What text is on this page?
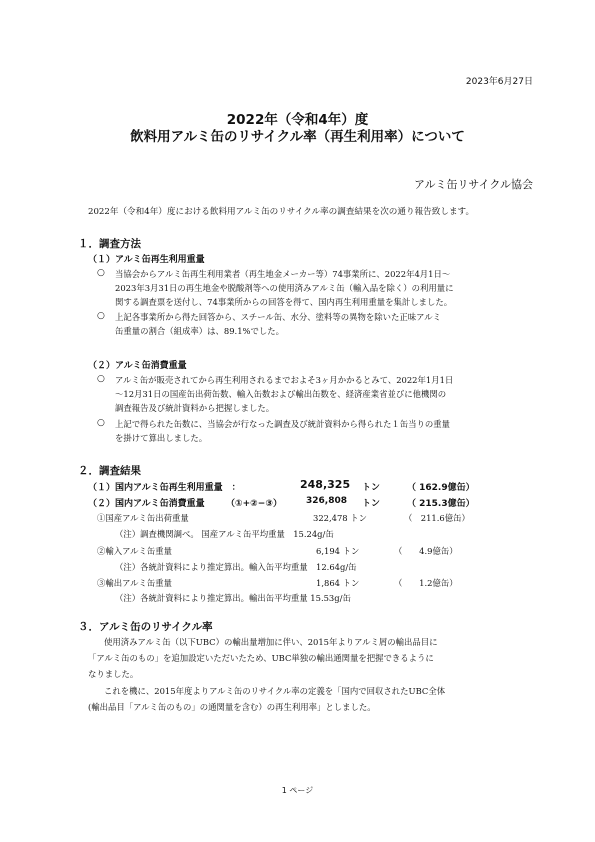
2023年6月27日
2022年（令和4年）度
飲料用アルミ缶のリサイクル率（再生利用率）について
アルミ缶リサイクル協会
2022年（令和4年）度における飲料用アルミ缶のリサイクル率の調査結果を次の通り報告致します。
１．調査方法
（１）アルミ缶再生利用重量
○ 当協会からアルミ缶再生利用業者（再生地金メーカー等）74事業所に、2022年4月1日～
2023年3月31日の再生地金や脱酸剤等への使用済みアルミ缶（輸入品を除く）の利用量に
関する調査票を送付し、74事業所からの回答を得て、国内再生利用重量を集計しました。
○ 上記各事業所から得た回答から、スチール缶、水分、塗料等の異物を除いた正味アルミ
缶重量の割合（組成率）は、89.1%でした。
（２）アルミ缶消費重量
○ アルミ缶が販売されてから再生利用されるまでおよそ3ヶ月かかるとみて、2022年1月1日
～12月31日の国産缶出荷缶数、輸入缶数および輸出缶数を、経済産業省並びに他機関の
調査報告及び統計資料から把握しました。
○ 上記で得られた缶数に、当協会が行なった調査及び統計資料から得られた１缶当りの重量
を掛けて算出しました。
２．調査結果
（１）国内アルミ缶再生利用重量　：	248,325 トン	（ 162.9億缶）
（２）国内アルミ缶消費重量 （①+②−③）	326,808 トン	（ 215.3億缶）
①国産アルミ缶出荷重量	322,478 トン	（　211.6億缶）
（注）調査機関調べ。 国産アルミ缶平均重量　15.24g/缶
②輸入アルミ缶重量	6,194 トン	（　　4.9億缶）
（注）各統計資料により推定算出。輸入缶平均重量　12.64g/缶
③輸出アルミ缶重量	1,864 トン	（　　1.2億缶）
（注）各統計資料により推定算出。輸出缶平均重量 15.53g/缶
３．アルミ缶のリサイクル率
使用済みアルミ缶（以下UBC）の輸出量増加に伴い、2015年よりアルミ屑の輸出品目に
「アルミ缶のもの」を追加設定いただいたため、UBC単独の輸出通関量を把握できるように
なりました。
これを機に、2015年度よりアルミ缶のリサイクル率の定義を「国内で回収されたUBC全体
(輸出品目「アルミ缶のもの」の通関量を含む）の再生利用率」としました。
1 ページ
